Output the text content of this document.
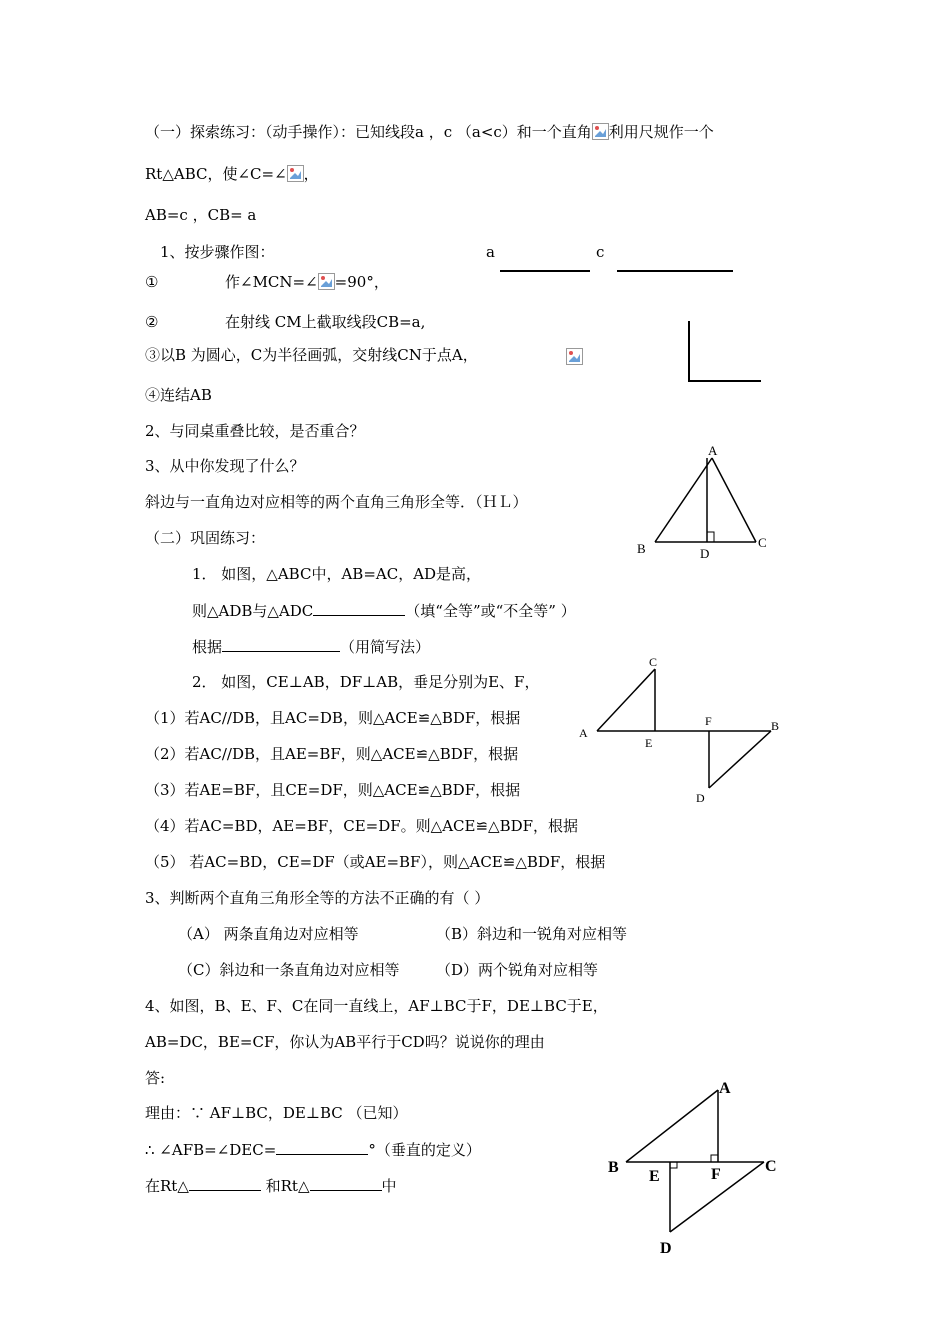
（一）探索练习：（动手操作）：已知线段a ，c （a<c）和一个直角 利用尺规作一个
Rt△ABC，使∠C=∠ ，
AB=c ，CB= a
1、按步骤作图：	a	c
①	作∠MCN=∠ =90°，
②	在射线 CM上截取线段CB=a,
③以B 为圆心，C为半径画弧，交射线CN于点A，
④连结AB
2、与同桌重叠比较，是否重合？
3、从中你发现了什么？
斜边与一直角边对应相等的两个直角三角形全等．（ＨＬ）
（二）巩固练习：
A
B	C
D
1． 如图，△ABC中，AB=AC，AD是高，
则△ADB与△ADC	（填“全等”或“不全等” ）
根据	（用简写法）
2． 如图，CE⊥AB，DF⊥AB，垂足分别为E、F，
A	B
C
D
E
F
（1）若AC//DB，且AC=DB，则△ACE≌△BDF，根据
（2）若AC//DB，且AE=BF，则△ACE≌△BDF，根据
（3）若AE=BF，且CE=DF，则△ACE≌△BDF，根据
（4）若AC=BD，AE=BF，CE=DF。则△ACE≌△BDF，根据
（5） 若AC=BD，CE=DF（或AE=BF），则△ACE≌△BDF，根据
3、判断两个直角三角形全等的方法不正确的有（ ）
（A） 两条直角边对应相等	（B）斜边和一锐角对应相等
（C）斜边和一条直角边对应相等 （D）两个锐角对应相等
4、如图，B、E、F、C在同一直线上，AF⊥BC于F，DE⊥BC于E，
AB=DC，BE=CF，你认为AB平行于CD吗？说说你的理由
答:
理由：∵ AF⊥BC，DE⊥BC （已知）
∴ ∠AFB=∠DEC=	°（垂直的定义）
在Rt△	和Rt△	中
A
B	C
D
E	F
